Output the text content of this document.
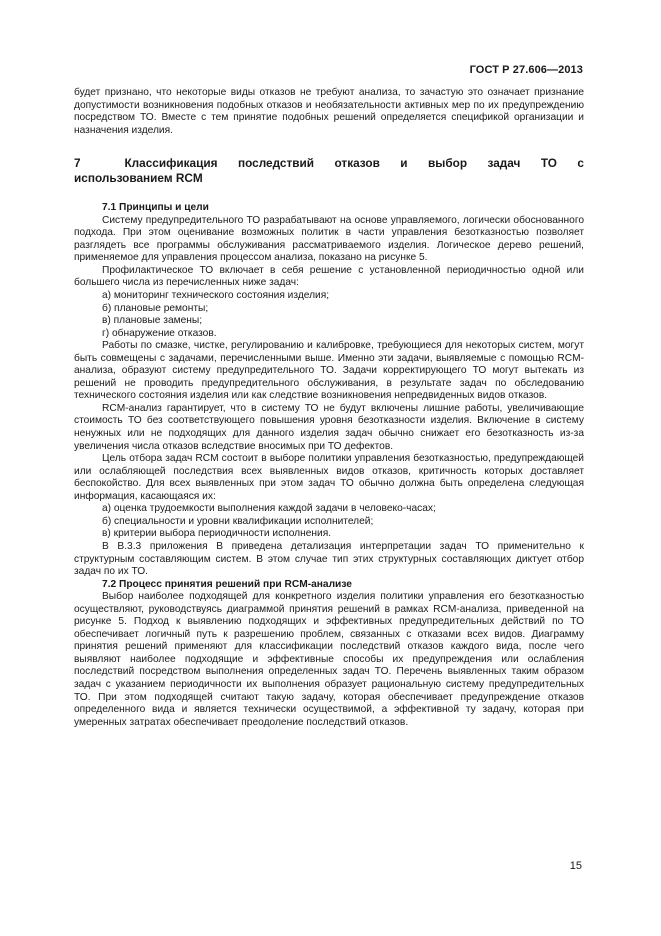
ГОСТ Р 27.606—2013

будет признано, что некоторые виды отказов не требуют анализа, то зачастую это означает признание допустимости возникновения подобных отказов и необязательности активных мер по их предупреждению посредством ТО. Вместе с тем принятие подобных решений определяется спецификой организации и назначения изделия.

7	Классификация последствий отказов и выбор задач ТО с
использованием RCM

7.1 Принципы и цели

Систему предупредительного ТО разрабатывают на основе управляемого, логически обоснованного подхода. При этом оценивание возможных политик в части управления безотказностью позволяет разглядеть все программы обслуживания рассматриваемого изделия. Логическое дерево решений, применяемое для управления процессом анализа, показано на рисунке 5.

Профилактическое ТО включает в себя решение с установленной периодичностью одной или большего числа из перечисленных ниже задач:

а) мониторинг технического состояния изделия;

б) плановые ремонты;

в) плановые замены;

г) обнаружение отказов.

Работы по смазке, чистке, регулированию и калибровке, требующиеся для некоторых систем, могут быть совмещены с задачами, перечисленными выше. Именно эти задачи, выявляемые с помощью RCM-анализа, образуют систему предупредительного ТО. Задачи корректирующего ТО могут вытекать из решений не проводить предупредительного обслуживания, в результате задач по обследованию технического состояния изделия или как следствие возникновения непредвиденных видов отказов.

RCM-анализ гарантирует, что в систему ТО не будут включены лишние работы, увеличивающие стоимость ТО без соответствующего повышения уровня безотказности изделия. Включение в систему ненужных или не подходящих для данного изделия задач обычно снижает его безотказность из-за увеличения числа отказов вследствие вносимых при ТО дефектов.

Цель отбора задач RCM состоит в выборе политики управления безотказностью, предупреждающей или ослабляющей последствия всех выявленных видов отказов, критичность которых доставляет беспокойство. Для всех выявленных при этом задач ТО обычно должна быть определена следующая информация, касающаяся их:

а) оценка трудоемкости выполнения каждой задачи в человеко-часах;

б) специальности и уровни квалификации исполнителей;

в) критерии выбора периодичности исполнения.

В В.3.3 приложения В приведена детализация интерпретации задач ТО применительно к структурным составляющим систем. В этом случае тип этих структурных составляющих диктует отбор задач по их ТО.

7.2 Процесс принятия решений при RCM-анализе

Выбор наиболее подходящей для конкретного изделия политики управления его безотказностью осуществляют, руководствуясь диаграммой принятия решений в рамках RCM-анализа, приведенной на рисунке 5. Подход к выявлению подходящих и эффективных предупредительных действий по ТО обеспечивает логичный путь к разрешению проблем, связанных с отказами всех видов. Диаграмму принятия решений применяют для классификации последствий отказов каждого вида, после чего выявляют наиболее подходящие и эффективные способы их предупреждения или ослабления последствий посредством выполнения определенных задач ТО. Перечень выявленных таким образом задач с указанием периодичности их выполнения образует рациональную систему предупредительных ТО. При этом подходящей считают такую задачу, которая обеспечивает предупреждение отказов определенного вида и является технически осуществимой, а эффективной ту задачу, которая при умеренных затратах обеспечивает преодоление последствий отказов.

15
